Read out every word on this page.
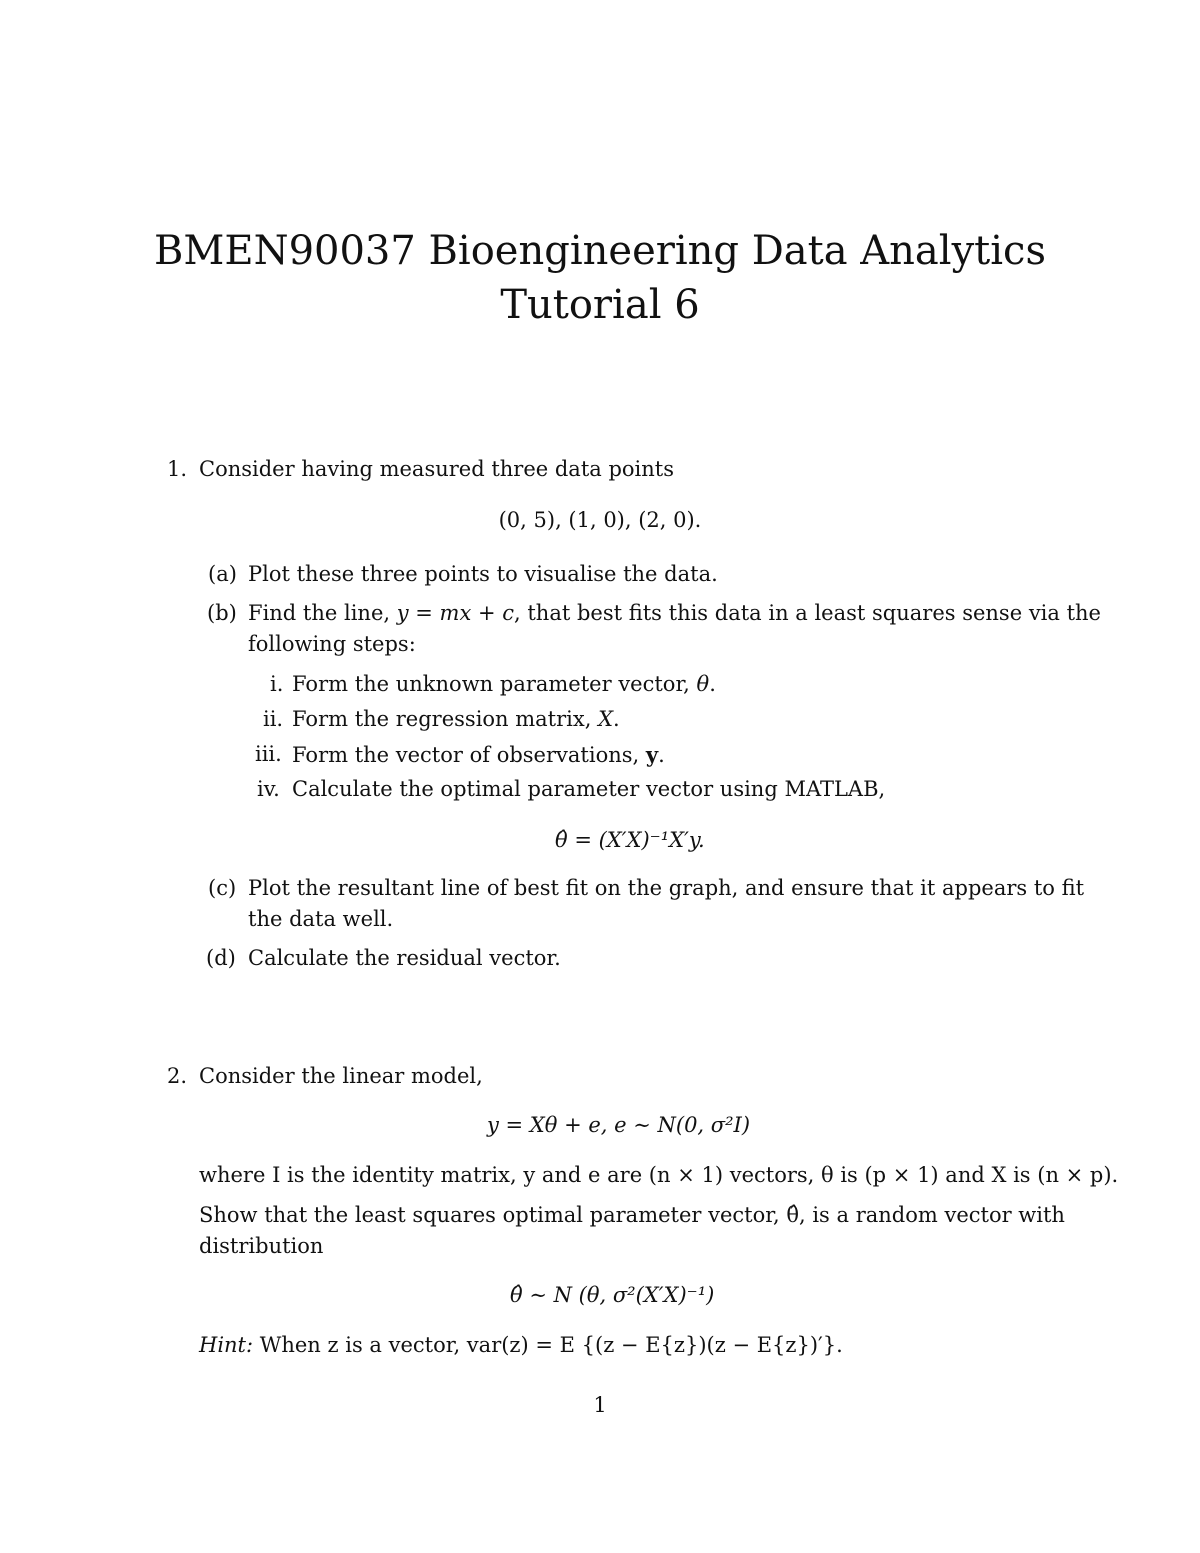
BMEN90037 Bioengineering Data Analytics
Tutorial 6
1. Consider having measured three data points
(0, 5), (1, 0), (2, 0).
(a) Plot these three points to visualise the data.
(b) Find the line, y = mx + c, that best fits this data in a least squares sense via the
following steps:
i. Form the unknown parameter vector, θ.
ii. Form the regression matrix, X.
iii. Form the vector of observations, y.
iv. Calculate the optimal parameter vector using MATLAB,
θ̂ = (X′X)⁻¹X′y.
(c) Plot the resultant line of best fit on the graph, and ensure that it appears to fit
the data well.
(d) Calculate the residual vector.
2. Consider the linear model,
y = Xθ + e, e ∼ N(0, σ²I)
where I is the identity matrix, y and e are (n × 1) vectors, θ is (p × 1) and X is (n × p).
Show that the least squares optimal parameter vector, θ̂, is a random vector with
distribution
θ̂ ∼ N (θ, σ²(X′X)⁻¹)
Hint: When z is a vector, var(z) = E {(z − E{z})(z − E{z})′}.
1
